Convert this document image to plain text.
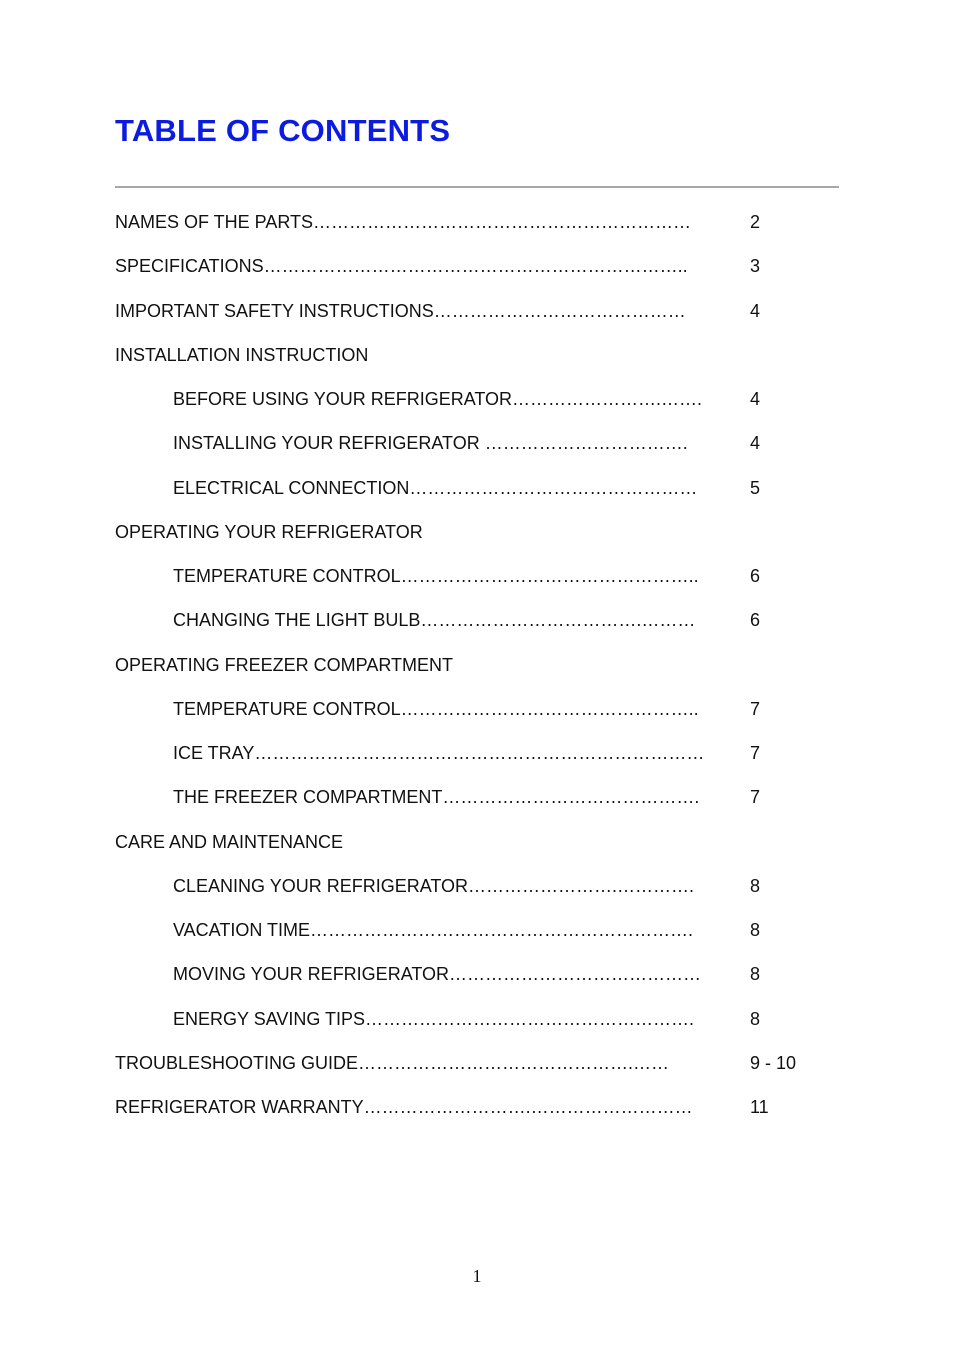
TABLE OF CONTENTS
NAMES OF THE PARTS………………………………………………………	2
SPECIFICATIONS……………………………………………………………..	3
IMPORTANT SAFETY INSTRUCTIONS……………………………………	4
INSTALLATION INSTRUCTION
BEFORE USING YOUR REFRIGERATOR…………………….…….	4
INSTALLING YOUR REFRIGERATOR …………………………….	4
ELECTRICAL CONNECTION…………………………………………	5
OPERATING YOUR REFRIGERATOR
TEMPERATURE CONTROL…………………………………………..	6
CHANGING THE LIGHT BULB……………………………….………	6
OPERATING FREEZER COMPARTMENT
TEMPERATURE CONTROL…………………………………………..	7
ICE TRAY…………………………………………………………………	7
THE FREEZER COMPARTMENT…………………………………….	7
CARE AND MAINTENANCE
CLEANING YOUR REFRIGERATOR…………………….………….	8
VACATION TIME……………………………………………………….	8
MOVING YOUR REFRIGERATOR……………………………………	8
ENERGY SAVING TIPS……………………………………………….	8
TROUBLESHOOTING GUIDE……………………………………….……	9 - 10
REFRIGERATOR WARRANTY……………………….………………………	11
1
